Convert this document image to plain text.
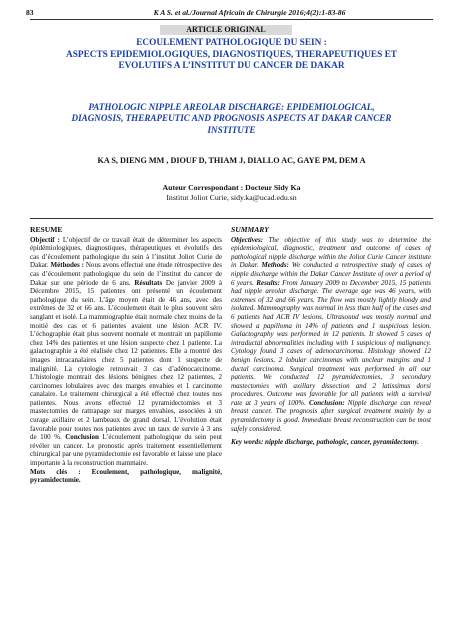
83	K A S. et al./Journal Africain de Chirurgie 2016;4(2):1-83-86
ARTICLE ORIGINAL
ECOULEMENT PATHOLOGIQUE DU SEIN :
ASPECTS EPIDEMIOLOGIQUES, DIAGNOSTIQUES, THERAPEUTIQUES ET
EVOLUTIFS A L’INSTITUT DU CANCER DE DAKAR
PATHOLOGIC NIPPLE AREOLAR DISCHARGE: EPIDEMIOLOGICAL,
DIAGNOSIS, THERAPEUTIC AND PROGNOSIS ASPECTS AT DAKAR CANCER
INSTITUTE
KA S, DIENG MM , DIOUF D, THIAM J, DIALLO AC, GAYE PM, DEM A
Auteur Correspondant : Docteur Sidy Ka
Institut Joliot Curie, sidy.ka@ucad.edu.sn
RESUME

Objectif : L’objectif de ce travail était de déterminer les aspects épidémiologiques, diagnostiques, thérapeutiques et évolutifs des cas d’écoulement pathologique du sein à l’institut Joliot Curie de Dakar. Méthodes : Nous avons effectué une étude rétrospective des cas d’écoulement pathologique du sein de l’institut du cancer de Dakar sur une période de 6 ans. Résultats De janvier 2009 à Décembre 2015, 15 patientes ont présenté un écoulement pathologique du sein. L’âge moyen était de 46 ans, avec des extrêmes de 32 et 66 ans. L’écoulement était le plus souvent séro sanglant et isolé. La mammographie était normale chez moins de la moitié des cas et 6 patientes avaient une lésion ACR IV. L’échographie était plus souvent normale et montrait un papillome chez 14% des patientes et une lésion suspecte chez 1 patiente. La galactographie a été réalisée chez 12 patientes. Elle a montré des images intracanalaires chez 5 patientes dont 1 suspecte de malignité. La cytologie retrouvait 3 cas d’adénocarcinome. L’histologie montrait des lésions bénignes chez 12 patientes, 2 carcinomes lobulaires avec des marges envahies et 1 carcinome canalaire. Le traitement chirurgical a été effectué chez toutes nos patientes. Nous avons effectué 12 pyramidectomies et 3 mastectomies de rattrapage sur marges envahies, associées à un curage axillaire et 2 lambeaux de grand dorsal. L’évolution était favorable pour toutes nos patientes avec un taux de survie à 3 ans de 100 %. Conclusion L’écoulement pathologique du sein peut révéler un cancer. Le pronostic après traitement essentiellement chirurgical par une pyramidectomie est favorable et laisse une place importante à la reconstruction mammaire.

Mots clés : Ecoulement, pathologique, malignité, pyramidectomie.

SUMMARY

Objectives: The objective of this study was to determine the epidemiological, diagnostic, treatment and outcome of cases of pathological nipple discharge within the Joliot Curie Cancer institute in Dakar. Methods: We conducted a retrospective study of cases of nipple discharge within the Dakar Cancer Institute of over a period of 6 years. Results: From January 2009 to December 2015, 15 patients had nipple areolar discharge. The average age was 46 years, with extremes of 32 and 66 years. The flow was mostly lightly bloody and isolated. Mammography was normal in less than half of the cases and 6 patients had ACR IV lesions. Ultrasound was mostly normal and showed a papilloma in 14% of patients and 1 suspicious lesion. Galactography was performed in 12 patients. It showed 5 cases of intraductal abnormalities including with 1 suspicious of malignancy. Cytology found 3 cases of adenocarcinoma. Histology showed 12 benign lesions, 2 lobular carcinomas with unclear margins and 1 ductal carcinoma. Surgical treatment was performed in all our patients. We conducted 12 pyramidectomies, 3 secondary mastectomies with axillary dissection and 2 latissimus dorsi procedures. Outcome was favorable for all patients with a survival rate at 3 years of 100%. Conclusion: Nipple discharge can reveal breast cancer. The prognosis after surgical treatment mainly by a pyramidectomy is good. Immediate breast reconstruction can be most safely considered.

Key words: nipple discharge, pathologic, cancer, pyramidectomy.
